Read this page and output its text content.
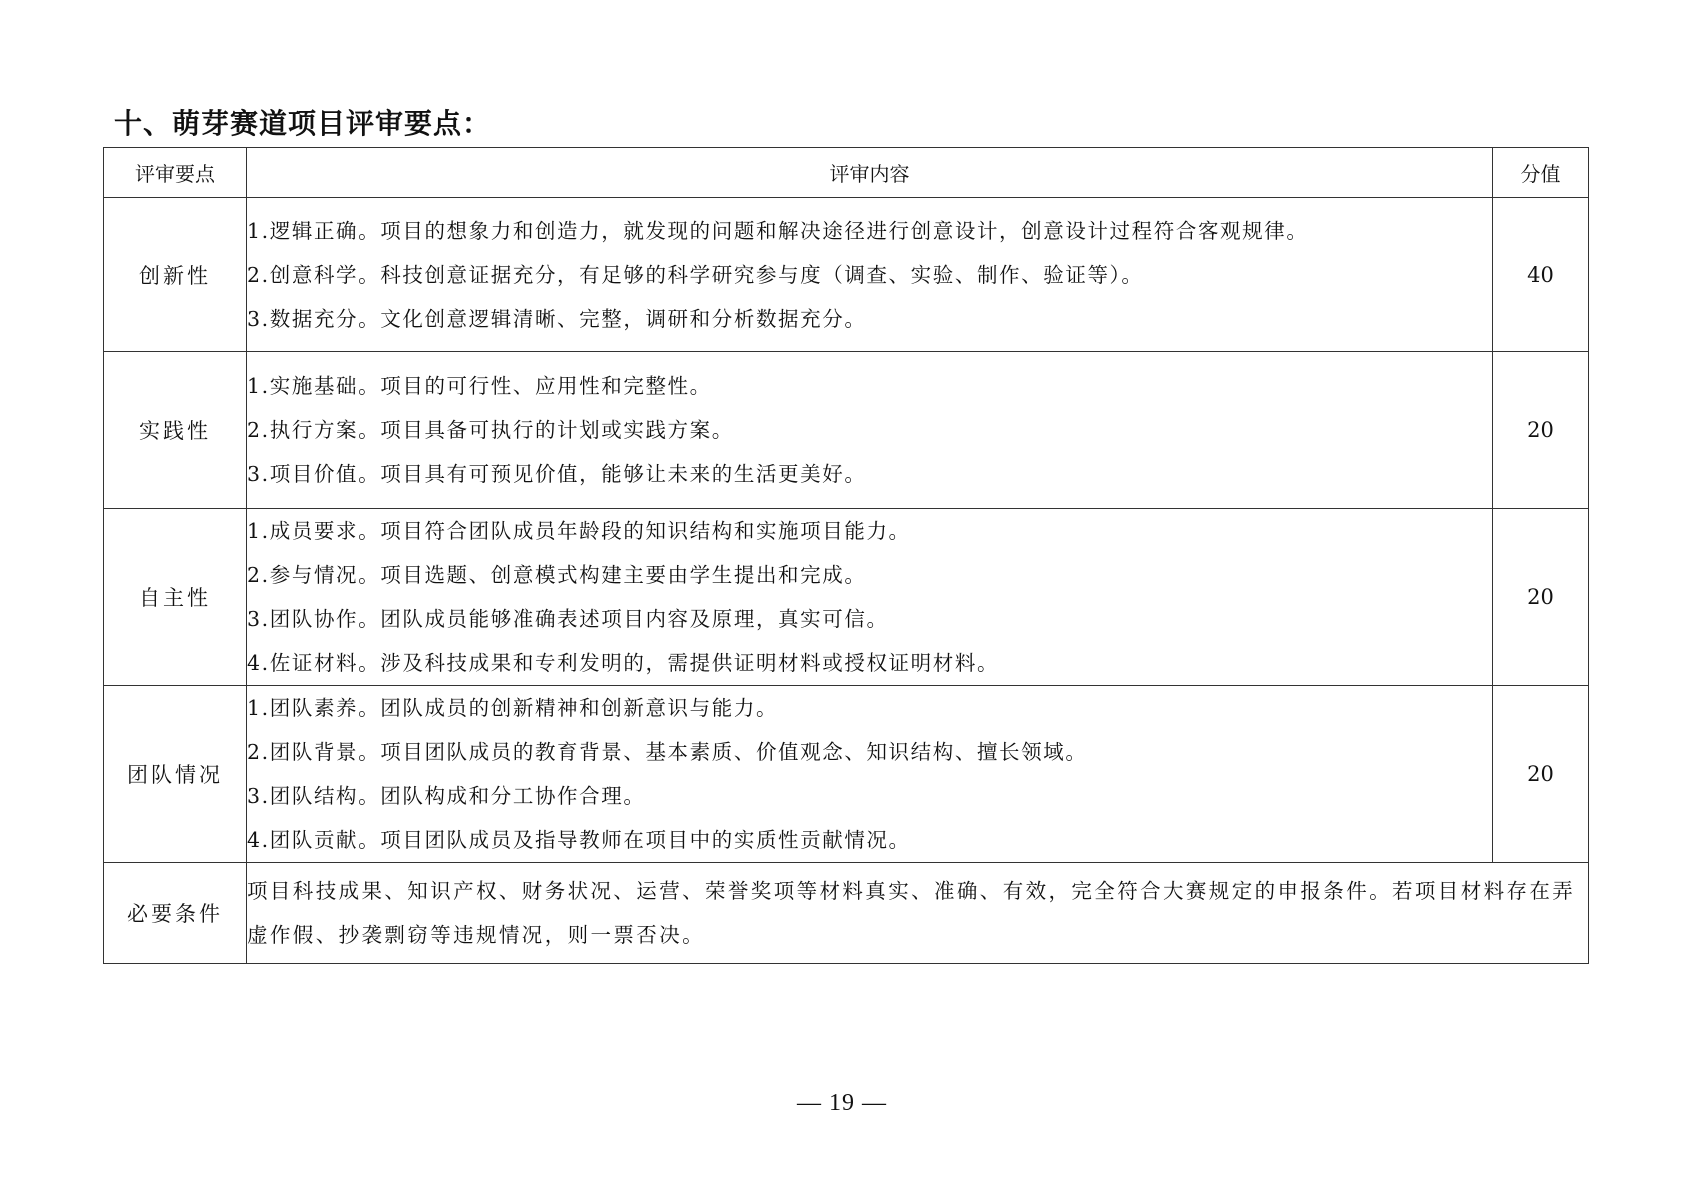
十、萌芽赛道项目评审要点：
评审要点	评审内容	分值
创新性	1.逻辑正确。项目的想象力和创造力，就发现的问题和解决途径进行创意设计，创意设计过程符合客观规律。
2.创意科学。科技创意证据充分，有足够的科学研究参与度（调查、实验、制作、验证等）。
3.数据充分。文化创意逻辑清晰、完整，调研和分析数据充分。	40
实践性	1.实施基础。项目的可行性、应用性和完整性。
2.执行方案。项目具备可执行的计划或实践方案。
3.项目价值。项目具有可预见价值，能够让未来的生活更美好。	20
自主性	1.成员要求。项目符合团队成员年龄段的知识结构和实施项目能力。
2.参与情况。项目选题、创意模式构建主要由学生提出和完成。
3.团队协作。团队成员能够准确表述项目内容及原理，真实可信。
4.佐证材料。涉及科技成果和专利发明的，需提供证明材料或授权证明材料。	20
团队情况	1.团队素养。团队成员的创新精神和创新意识与能力。
2.团队背景。项目团队成员的教育背景、基本素质、价值观念、知识结构、擅长领域。
3.团队结构。团队构成和分工协作合理。
4.团队贡献。项目团队成员及指导教师在项目中的实质性贡献情况。	20
必要条件	项目科技成果、知识产权、财务状况、运营、荣誉奖项等材料真实、准确、有效，完全符合大赛规定的申报条件。若项目材料存在弄虚作假、抄袭剽窃等违规情况，则一票否决。	
— 19 —
